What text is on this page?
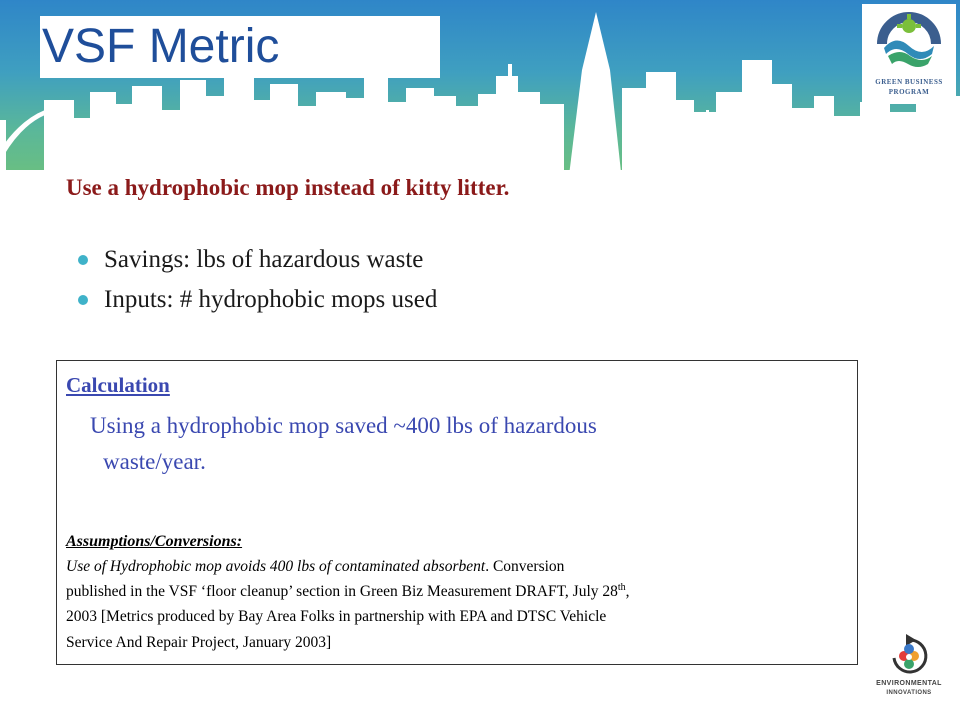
VSF Metric
GREEN BUSINESS
PROGRAM
Use a hydrophobic mop instead of kitty litter.
Savings: lbs of hazardous waste
Inputs: # hydrophobic mops used
Calculation
Using a hydrophobic mop saved ~400 lbs of hazardous
waste/year.
Assumptions/Conversions:
Use of Hydrophobic mop avoids 400 lbs of contaminated absorbent. Conversion
published in the VSF ‘floor cleanup’ section in Green Biz Measurement DRAFT, July 28th,
2003 [Metrics produced by Bay Area Folks in partnership with EPA and DTSC Vehicle
Service And Repair Project, January 2003]
ENVIRONMENTAL
INNOVATIONS
